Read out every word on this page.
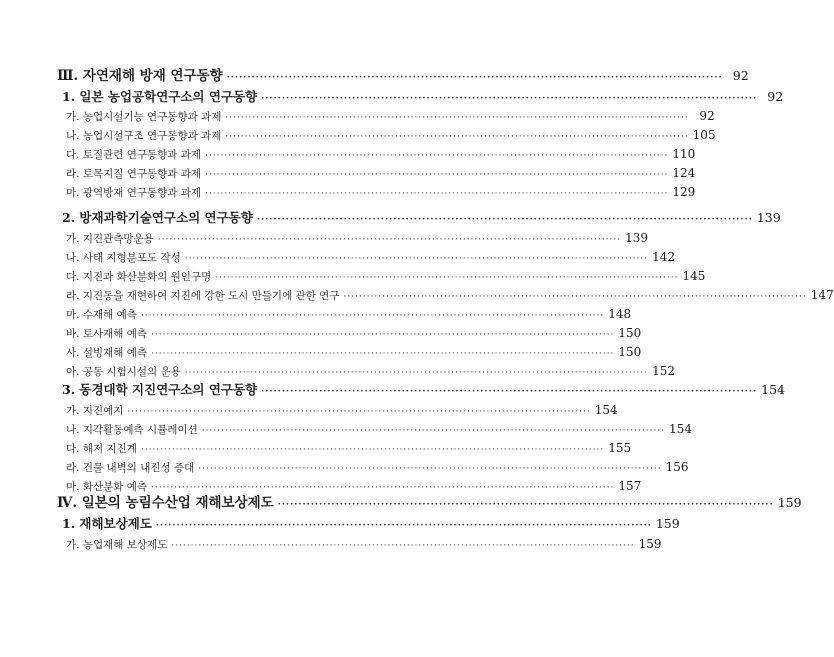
Ⅲ. 자연재해 방재 연구동향 ························································································································ 92
1. 일본 농업공학연구소의 연구동향 ························································································································ 92
가. 농업시설기능 연구동향과 과제 ························································································································ 92
나. 농업시설구조 연구동향과 과제 ························································································································ 105
다. 토질관련 연구동향과 과제 ························································································································ 110
라. 토목지질 연구동향과 과제 ························································································································ 124
마. 광역방재 연구동향과 과제 ························································································································ 129
2. 방재과학기술연구소의 연구동향 ························································································································ 139
가. 지진관측망운용 ························································································································ 139
나. 사태 지형분포도 작성 ························································································································ 142
다. 지진과 화산분화의 원인구명 ························································································································ 145
라. 지진동을 재현하여 지진에 강한 도시 만들기에 관한 연구 ························································································································ 147
마. 수재해 예측 ························································································································ 148
바. 토사재해 예측 ························································································································ 150
사. 설빙재해 예측 ························································································································ 150
아. 공동 시험시설의 운용 ························································································································ 152
3. 동경대학 지진연구소의 연구동향 ························································································································ 154
가. 지진예지 ························································································································ 154
나. 지각활동예측 시뮬레이션 ························································································································ 154
다. 해저 지진계 ························································································································ 155
라. 건물 내벽의 내진성 증대 ························································································································ 156
마. 화산분화 예측 ························································································································ 157
Ⅳ. 일본의 농림수산업 재해보상제도 ························································································································ 159
1. 재해보상제도 ························································································································ 159
가. 농업재해 보상제도 ························································································································ 159
